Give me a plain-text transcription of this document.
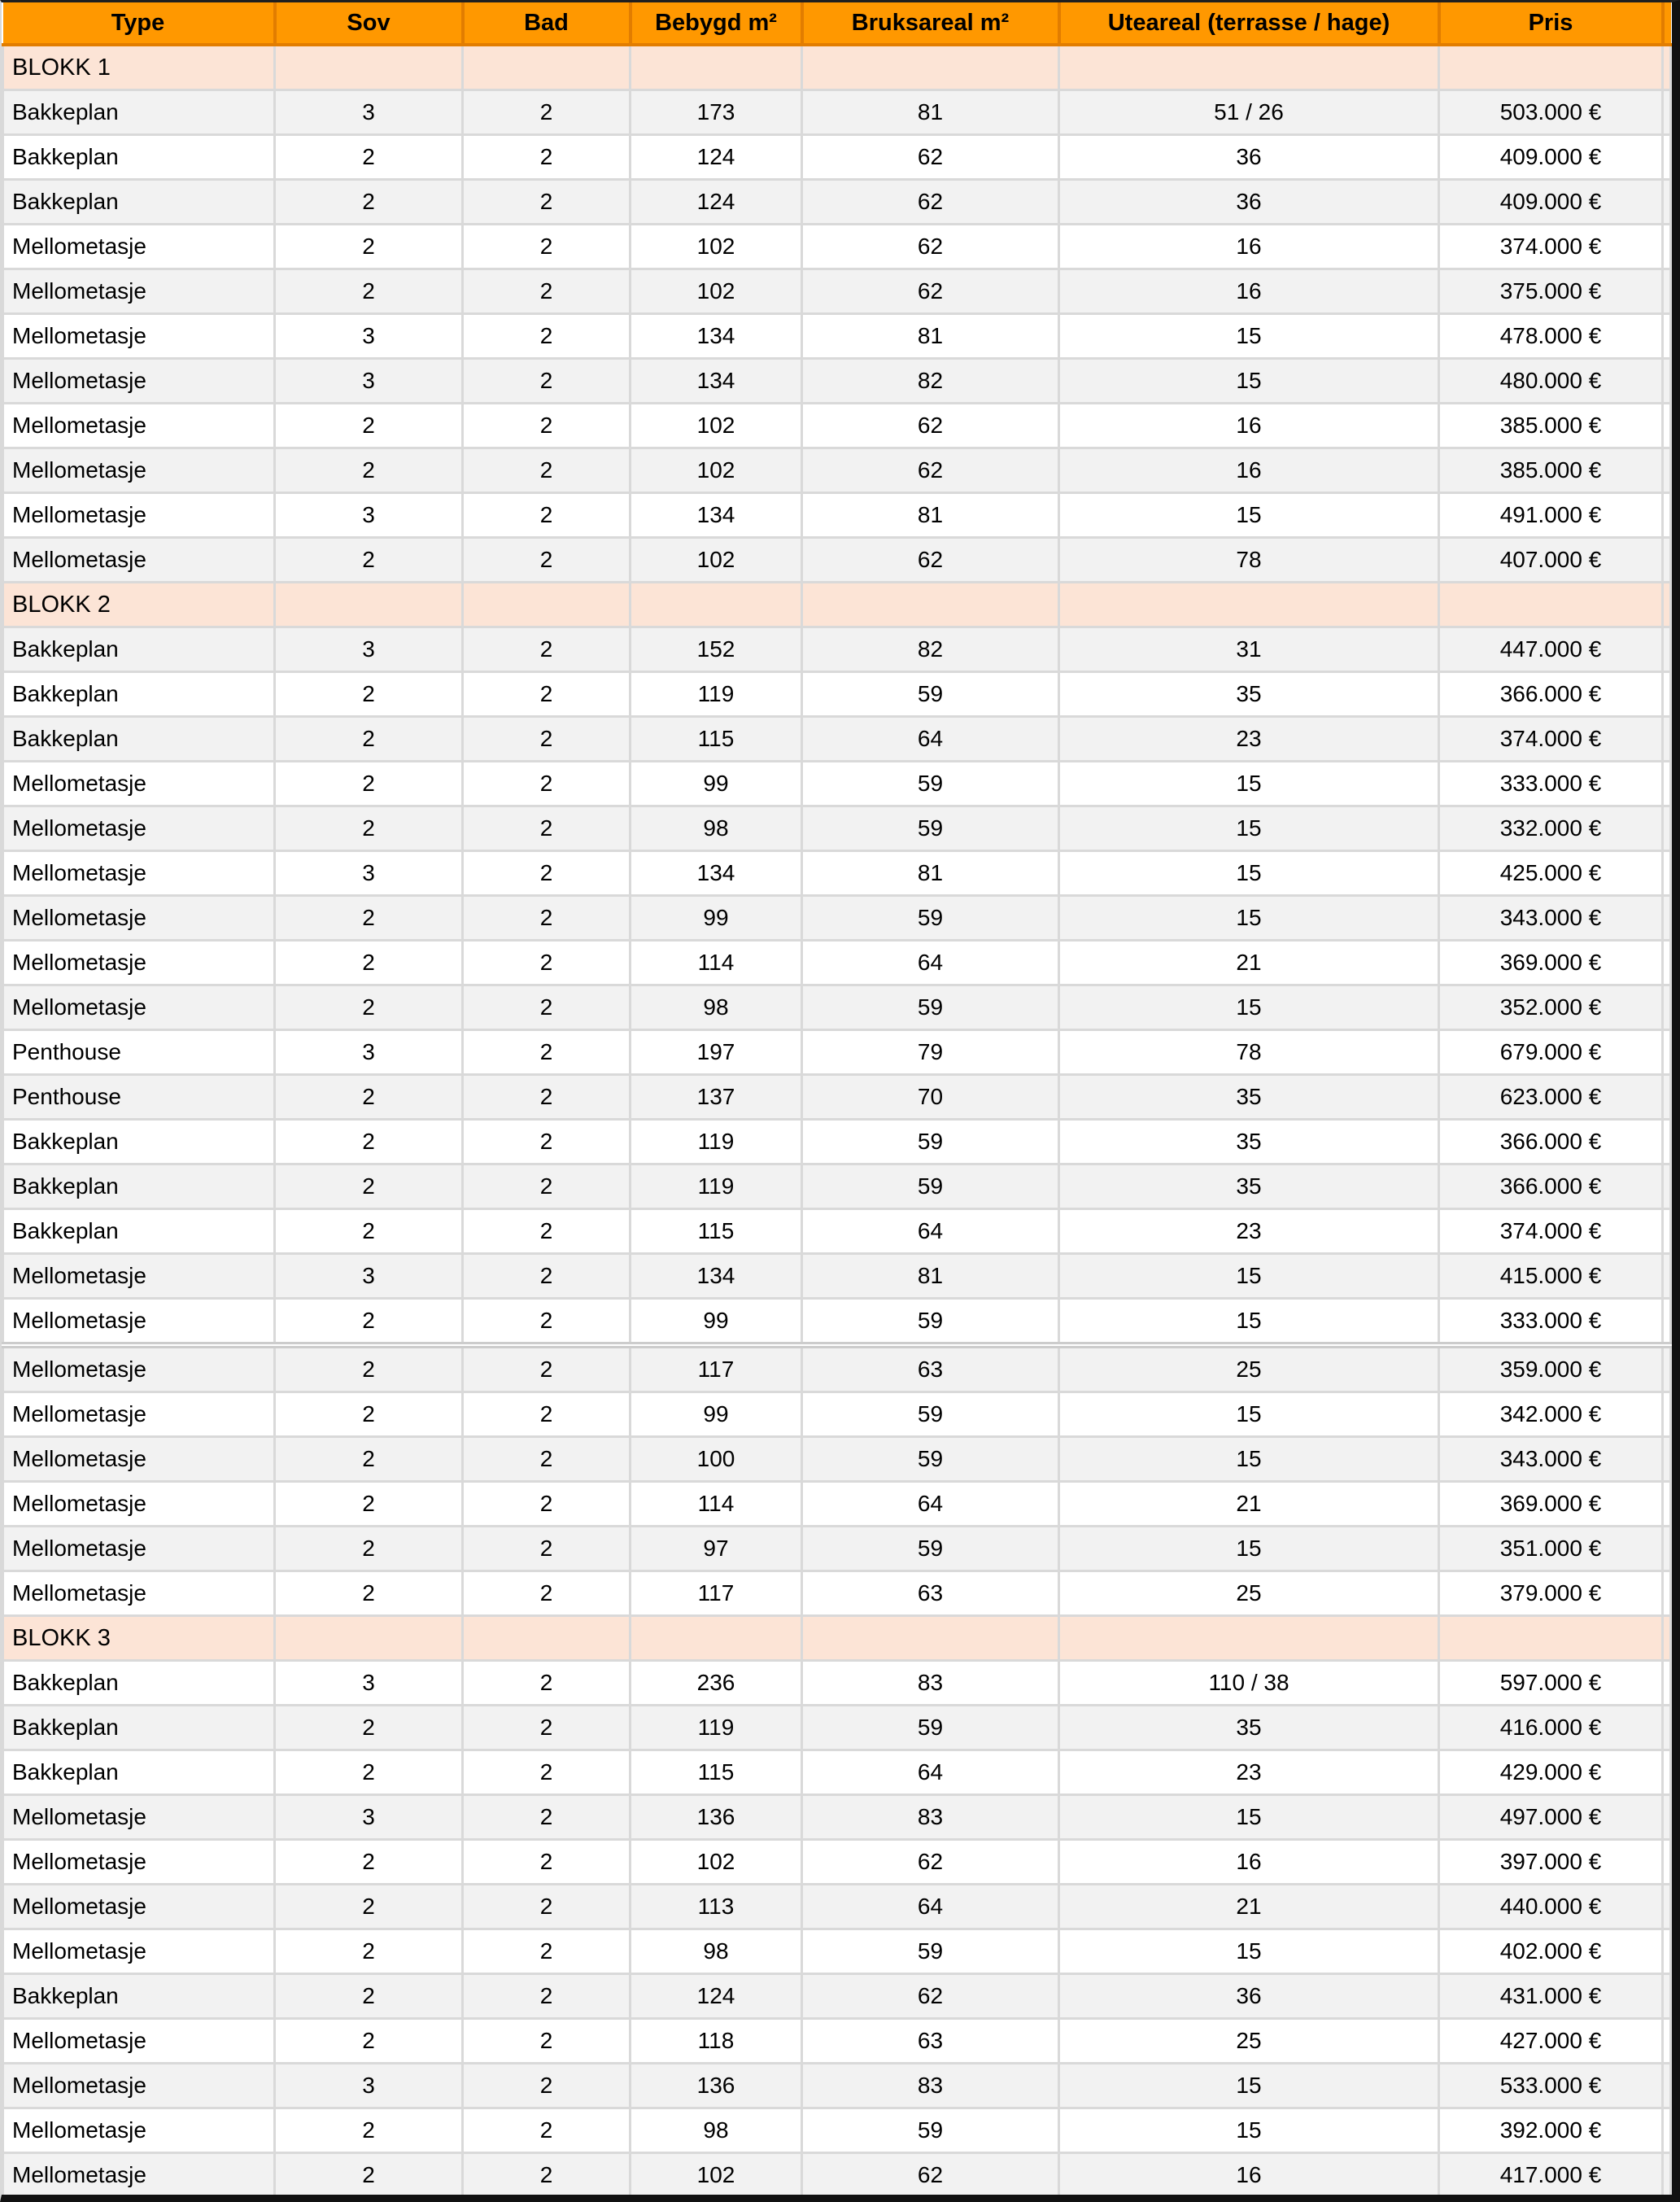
Type	Sov	Bad	Bebygd m²	Bruksareal m²	Uteareal (terrasse / hage)	Pris	
BLOKK 1							
Bakkeplan	3	2	173	81	51 / 26	503.000 €	
Bakkeplan	2	2	124	62	36	409.000 €	
Bakkeplan	2	2	124	62	36	409.000 €	
Mellometasje	2	2	102	62	16	374.000 €	
Mellometasje	2	2	102	62	16	375.000 €	
Mellometasje	3	2	134	81	15	478.000 €	
Mellometasje	3	2	134	82	15	480.000 €	
Mellometasje	2	2	102	62	16	385.000 €	
Mellometasje	2	2	102	62	16	385.000 €	
Mellometasje	3	2	134	81	15	491.000 €	
Mellometasje	2	2	102	62	78	407.000 €	
BLOKK 2							
Bakkeplan	3	2	152	82	31	447.000 €	
Bakkeplan	2	2	119	59	35	366.000 €	
Bakkeplan	2	2	115	64	23	374.000 €	
Mellometasje	2	2	99	59	15	333.000 €	
Mellometasje	2	2	98	59	15	332.000 €	
Mellometasje	3	2	134	81	15	425.000 €	
Mellometasje	2	2	99	59	15	343.000 €	
Mellometasje	2	2	114	64	21	369.000 €	
Mellometasje	2	2	98	59	15	352.000 €	
Penthouse	3	2	197	79	78	679.000 €	
Penthouse	2	2	137	70	35	623.000 €	
Bakkeplan	2	2	119	59	35	366.000 €	
Bakkeplan	2	2	119	59	35	366.000 €	
Bakkeplan	2	2	115	64	23	374.000 €	
Mellometasje	3	2	134	81	15	415.000 €	
Mellometasje	2	2	99	59	15	333.000 €	
Mellometasje	2	2	117	63	25	359.000 €	
Mellometasje	2	2	99	59	15	342.000 €	
Mellometasje	2	2	100	59	15	343.000 €	
Mellometasje	2	2	114	64	21	369.000 €	
Mellometasje	2	2	97	59	15	351.000 €	
Mellometasje	2	2	117	63	25	379.000 €	
BLOKK 3							
Bakkeplan	3	2	236	83	110 / 38	597.000 €	
Bakkeplan	2	2	119	59	35	416.000 €	
Bakkeplan	2	2	115	64	23	429.000 €	
Mellometasje	3	2	136	83	15	497.000 €	
Mellometasje	2	2	102	62	16	397.000 €	
Mellometasje	2	2	113	64	21	440.000 €	
Mellometasje	2	2	98	59	15	402.000 €	
Bakkeplan	2	2	124	62	36	431.000 €	
Mellometasje	2	2	118	63	25	427.000 €	
Mellometasje	3	2	136	83	15	533.000 €	
Mellometasje	2	2	98	59	15	392.000 €	
Mellometasje	2	2	102	62	16	417.000 €	
